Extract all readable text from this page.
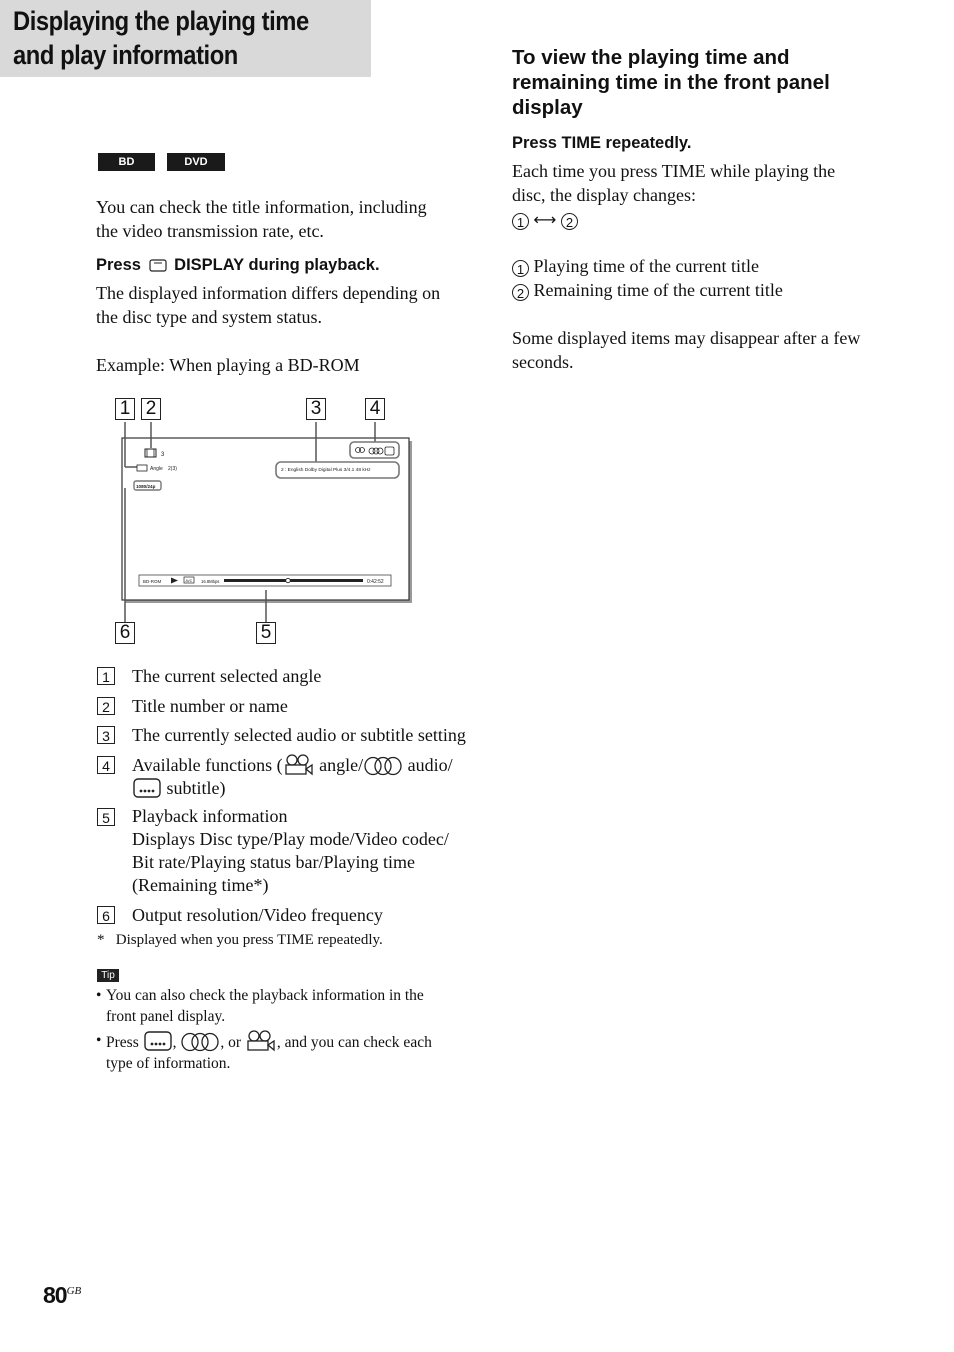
Displaying the playing time
and play information
BD	DVD
You can check the title information, including
the video transmission rate, etc.
Press DISPLAY during playback.
The displayed information differs depending on
the disc type and system status.
Example: When playing a BD-ROM
1 2	3	4
6	5
3
Angle 2(3)	2 : English Dolby Digital Plus 3/4.1 48 kHz
1080/24p
BD-ROM	AVC 16.8Mbps	0:42:52
1 The current selected angle
2 Title number or name
3 The currently selected audio or subtitle setting
4 Available functions ( angle/ audio/
subtitle)
5 Playback information
Displays Disc type/Play mode/Video codec/
Bit rate/Playing status bar/Playing time
(Remaining time*)
6 Output resolution/Video frequency
*   Displayed when you press TIME repeatedly.
Tip
• You can also check the playback information in the
front panel display.
• Press ,	, or , and you can check each
type of information.
To view the playing time and
remaining time in the front panel
display
Press TIME repeatedly.
Each time you press TIME while playing the
disc, the display changes:
1 ⟷ 2
1 Playing time of the current title
2 Remaining time of the current title
Some displayed items may disappear after a few
seconds.
$80^{GB}$
